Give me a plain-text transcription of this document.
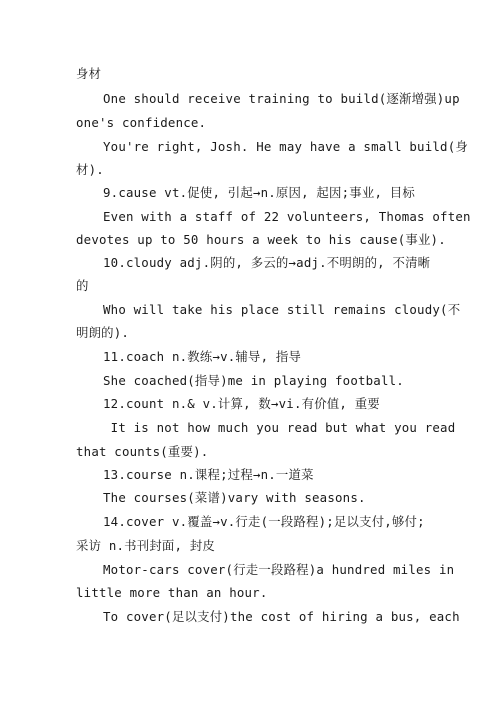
身材
One should receive training to build(逐渐增强)up
one's confidence.
You're right, Josh. He may have a small build(身
材).
9.cause vt.促使, 引起→n.原因, 起因;事业, 目标
Even with a staff of 22 volunteers, Thomas often
devotes up to 50 hours a week to his cause(事业).
10.cloudy adj.阴的, 多云的→adj.不明朗的, 不清晰
的
Who will take his place still remains cloudy(不
明朗的).
11.coach n.教练→v.辅导, 指导
She coached(指导)me in playing football.
12.count n.& v.计算, 数→vi.有价值, 重要
It is not how much you read but what you read
that counts(重要).
13.course n.课程;过程→n.一道菜
The courses(菜谱)vary with seasons.
14.cover v.覆盖→v.行走(一段路程);足以支付,够付;
采访 n.书刊封面, 封皮
Motor-cars cover(行走一段路程)a hundred miles in
little more than an hour.
To cover(足以支付)the cost of hiring a bus, each
